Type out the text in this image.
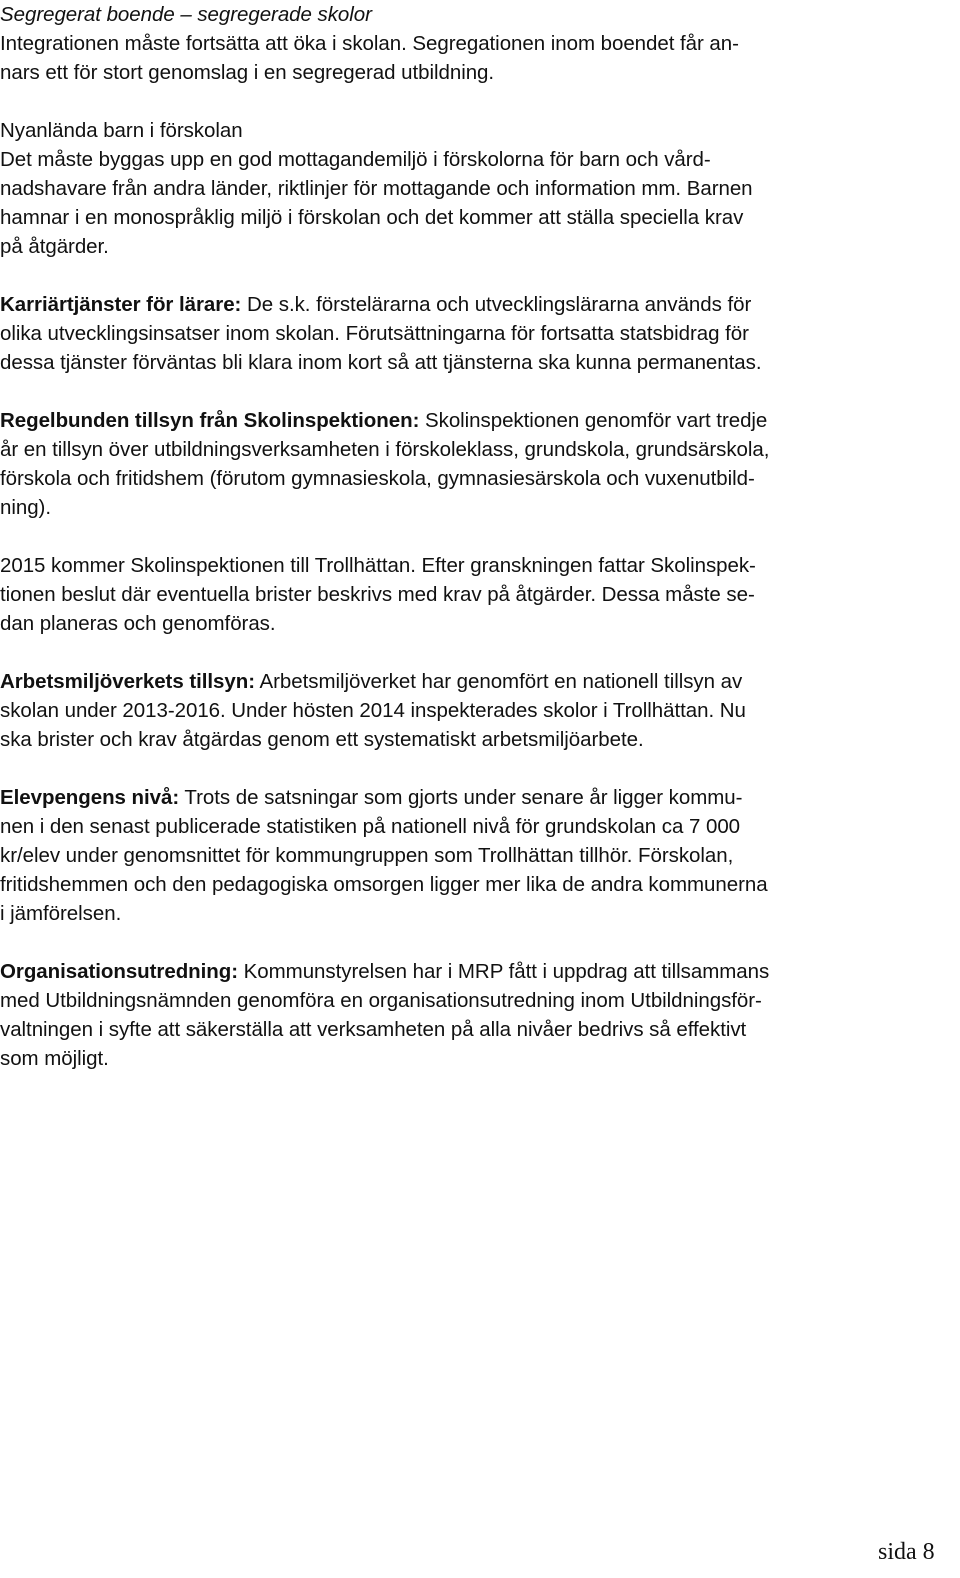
Segregerat boende – segregerade skolor
Integrationen måste fortsätta att öka i skolan. Segregationen inom boendet får an-
nars ett för stort genomslag i en segregerad utbildning.
Nyanlända barn i förskolan
Det måste byggas upp en god mottagandemiljö i förskolorna för barn och vård-
nadshavare från andra länder, riktlinjer för mottagande och information mm. Barnen
hamnar i en monospråklig miljö i förskolan och det kommer att ställa speciella krav
på åtgärder.
Karriärtjänster för lärare: De s.k. förstelärarna och utvecklingslärarna används för
olika utvecklingsinsatser inom skolan. Förutsättningarna för fortsatta statsbidrag för
dessa tjänster förväntas bli klara inom kort så att tjänsterna ska kunna permanentas.
Regelbunden tillsyn från Skolinspektionen: Skolinspektionen genomför vart tredje
år en tillsyn över utbildningsverksamheten i förskoleklass, grundskola, grundsärskola,
förskola och fritidshem (förutom gymnasieskola, gymnasiesärskola och vuxenutbild-
ning).
2015 kommer Skolinspektionen till Trollhättan. Efter granskningen fattar Skolinspek-
tionen beslut där eventuella brister beskrivs med krav på åtgärder. Dessa måste se-
dan planeras och genomföras.
Arbetsmiljöverkets tillsyn: Arbetsmiljöverket har genomfört en nationell tillsyn av
skolan under 2013-2016. Under hösten 2014 inspekterades skolor i Trollhättan. Nu
ska brister och krav åtgärdas genom ett systematiskt arbetsmiljöarbete.
Elevpengens nivå: Trots de satsningar som gjorts under senare år ligger kommu-
nen i den senast publicerade statistiken på nationell nivå för grundskolan ca 7 000
kr/elev under genomsnittet för kommungruppen som Trollhättan tillhör. Förskolan,
fritidshemmen och den pedagogiska omsorgen ligger mer lika de andra kommunerna
i jämförelsen.
Organisationsutredning: Kommunstyrelsen har i MRP fått i uppdrag att tillsammans
med Utbildningsnämnden genomföra en organisationsutredning inom Utbildningsför-
valtningen i syfte att säkerställa att verksamheten på alla nivåer bedrivs så effektivt
som möjligt.
sida 8
